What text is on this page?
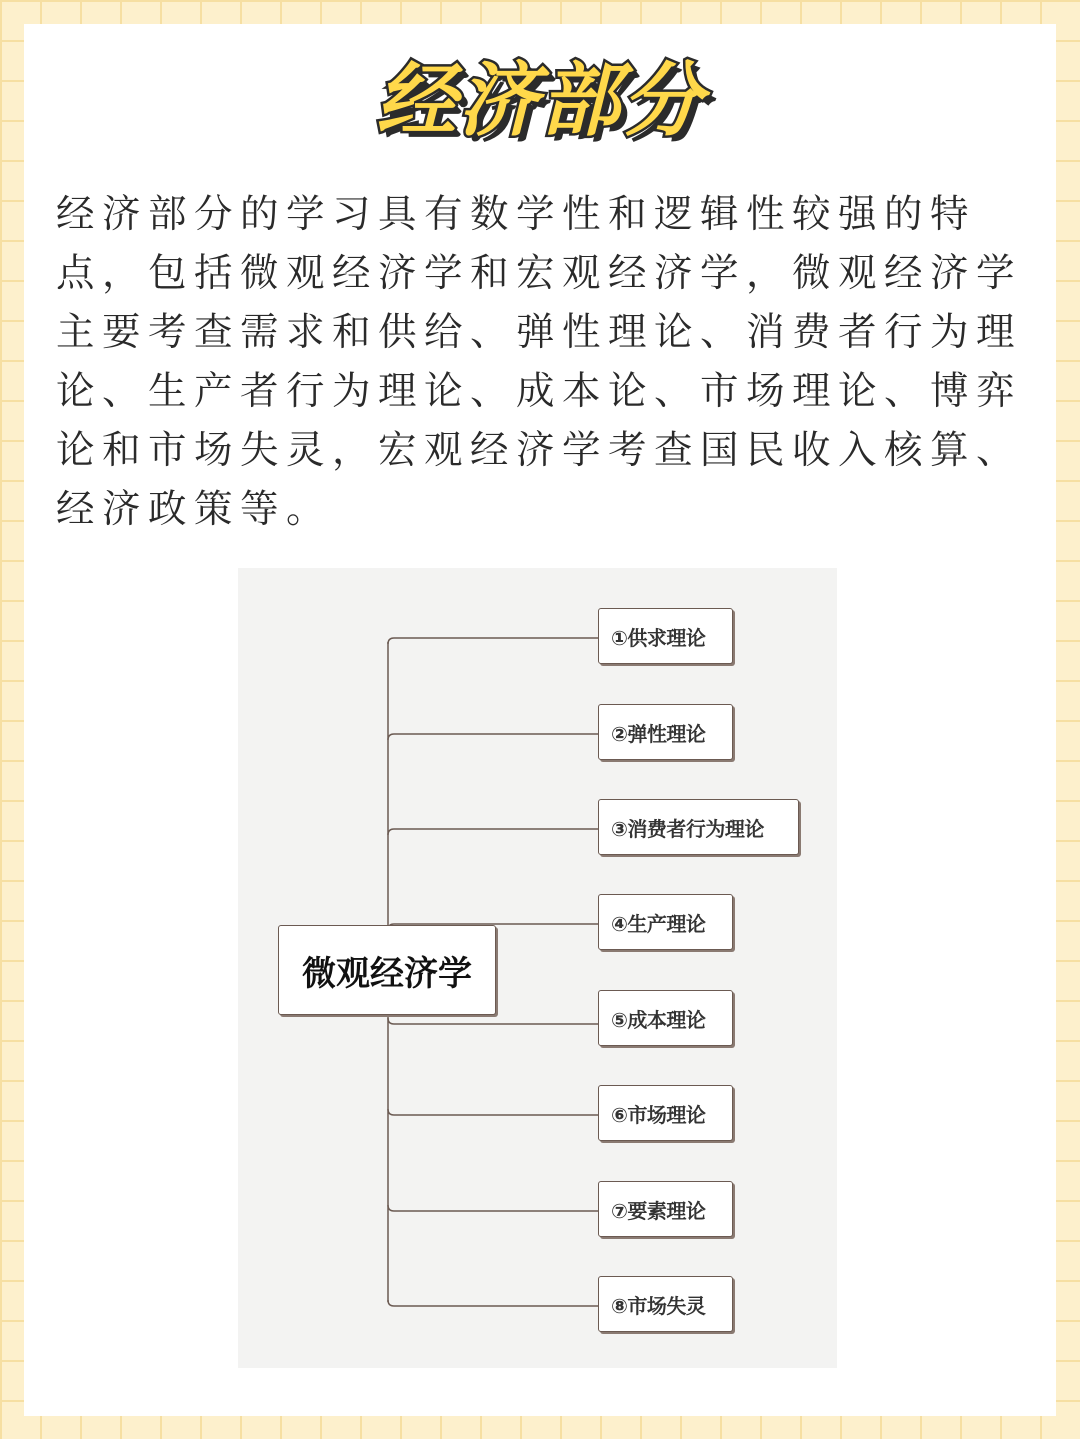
经济部分

经济部分的学习具有数学性和逻辑性较强的特点，包括微观经济学和宏观经济学，微观经济学主要考查需求和供给、弹性理论、消费者行为理论、生产者行为理论、成本论、市场理论、博弈论和市场失灵，宏观经济学考查国民收入核算、经济政策等。

微观经济学
①供求理论
②弹性理论
③消费者行为理论
④生产理论
⑤成本理论
⑥市场理论
⑦要素理论
⑧市场失灵
